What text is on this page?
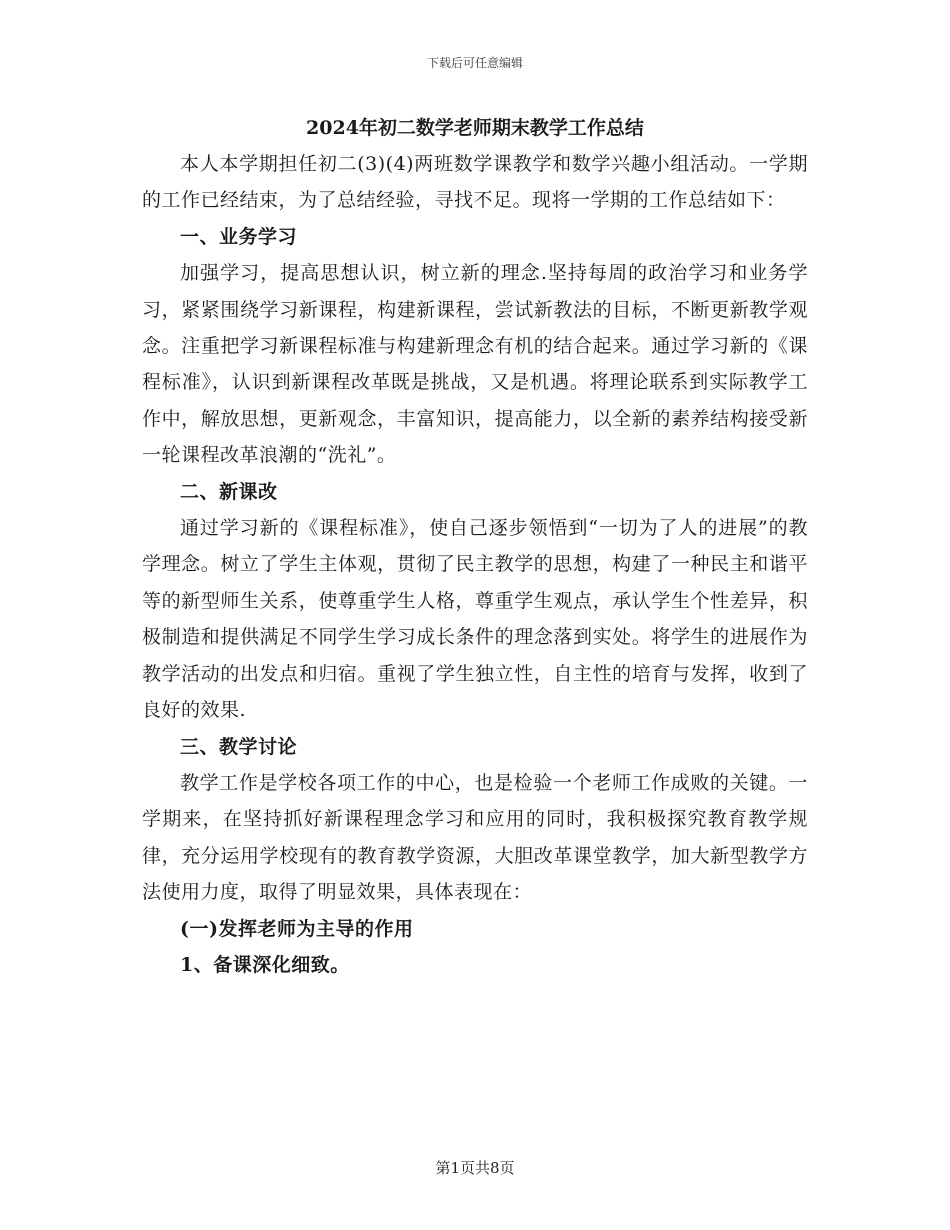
下载后可任意编辑
2024年初二数学老师期末教学工作总结

本人本学期担任初二(3)(4)两班数学课教学和数学兴趣小组活动。一学期的工作已经结束，为了总结经验，寻找不足。现将一学期的工作总结如下：

一、业务学习

加强学习，提高思想认识，树立新的理念.坚持每周的政治学习和业务学习，紧紧围绕学习新课程，构建新课程，尝试新教法的目标，不断更新教学观念。注重把学习新课程标准与构建新理念有机的结合起来。通过学习新的《课程标准》，认识到新课程改革既是挑战，又是机遇。将理论联系到实际教学工作中，解放思想，更新观念，丰富知识，提高能力，以全新的素养结构接受新一轮课程改革浪潮的“洗礼”。

二、新课改

通过学习新的《课程标准》，使自己逐步领悟到“一切为了人的进展”的教学理念。树立了学生主体观，贯彻了民主教学的思想，构建了一种民主和谐平等的新型师生关系，使尊重学生人格，尊重学生观点，承认学生个性差异，积极制造和提供满足不同学生学习成长条件的理念落到实处。将学生的进展作为教学活动的出发点和归宿。重视了学生独立性，自主性的培育与发挥，收到了良好的效果.

三、教学讨论

教学工作是学校各项工作的中心，也是检验一个老师工作成败的关键。一学期来，在坚持抓好新课程理念学习和应用的同时，我积极探究教育教学规律，充分运用学校现有的教育教学资源，大胆改革课堂教学，加大新型教学方法使用力度，取得了明显效果，具体表现在：

(一)发挥老师为主导的作用

1、备课深化细致。

第1页共8页
